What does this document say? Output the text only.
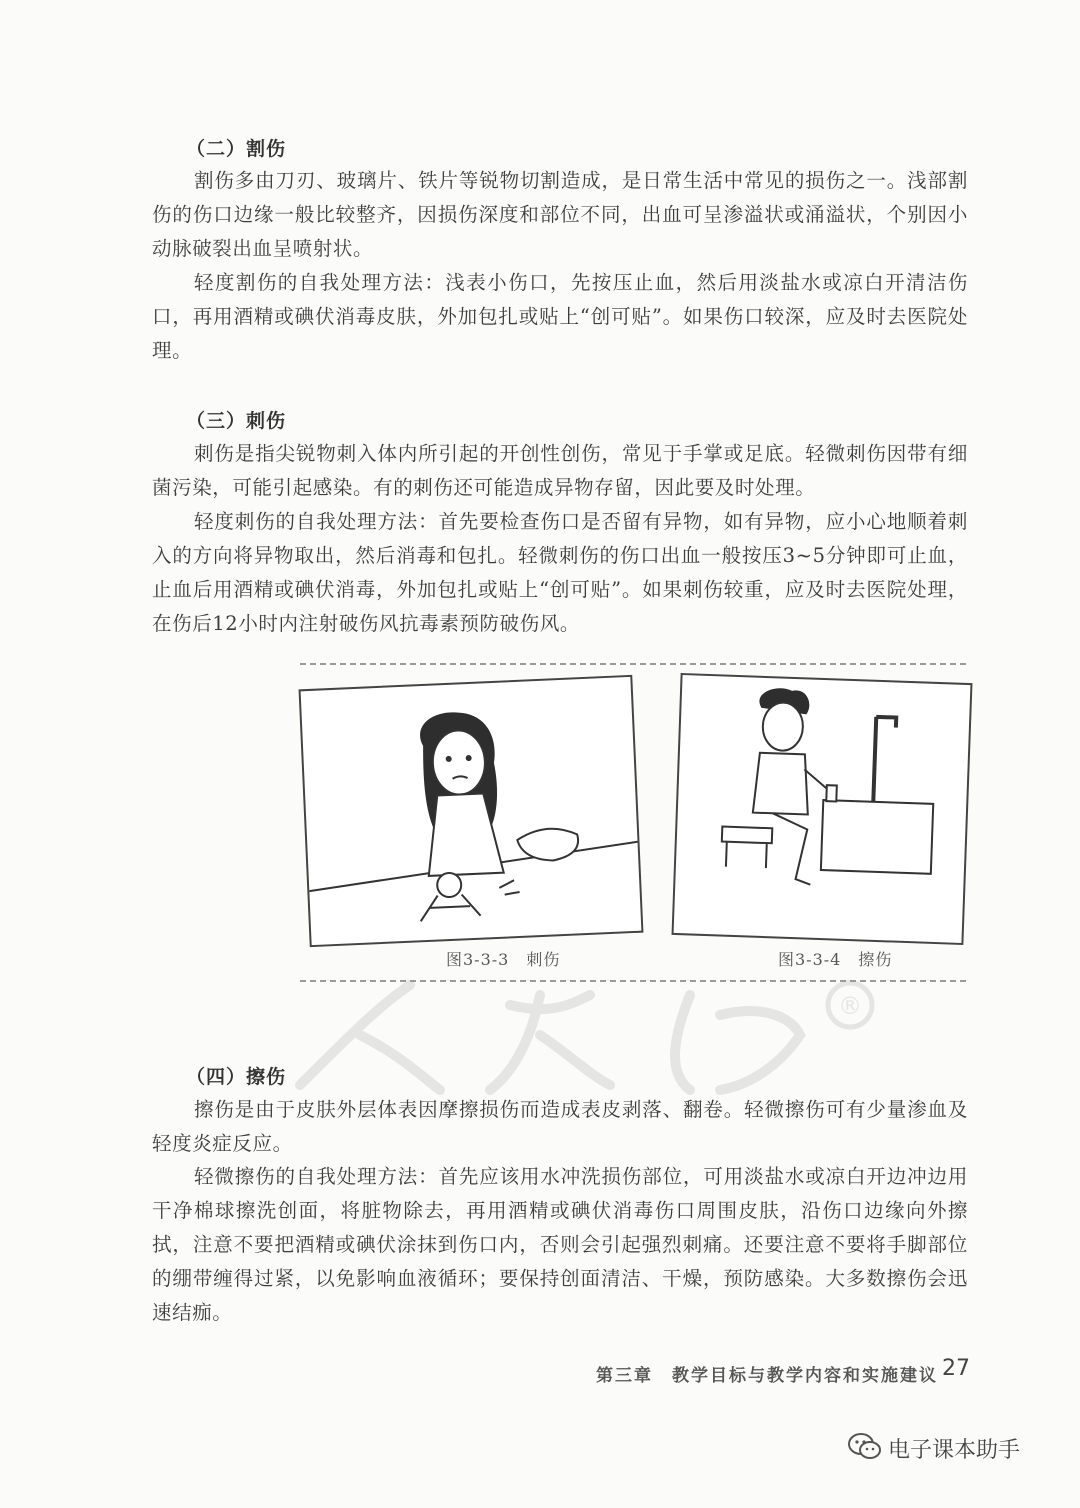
®
（二）割伤

割伤多由刀刃、玻璃片、铁片等锐物切割造成，是日常生活中常见的损伤之一。浅部割伤的伤口边缘一般比较整齐，因损伤深度和部位不同，出血可呈渗溢状或涌溢状，个别因小动脉破裂出血呈喷射状。

轻度割伤的自我处理方法：浅表小伤口，先按压止血，然后用淡盐水或凉白开清洁伤口，再用酒精或碘伏消毒皮肤，外加包扎或贴上“创可贴”。如果伤口较深，应及时去医院处理。

（三）刺伤

刺伤是指尖锐物刺入体内所引起的开创性创伤，常见于手掌或足底。轻微刺伤因带有细菌污染，可能引起感染。有的刺伤还可能造成异物存留，因此要及时处理。

轻度刺伤的自我处理方法：首先要检查伤口是否留有异物，如有异物，应小心地顺着刺入的方向将异物取出，然后消毒和包扎。轻微刺伤的伤口出血一般按压3~5分钟即可止血，止血后用酒精或碘伏消毒，外加包扎或贴上“创可贴”。如果刺伤较重，应及时去医院处理，在伤后12小时内注射破伤风抗毒素预防破伤风。

图3-3-3　刺伤	图3-3-4　擦伤
（四）擦伤

擦伤是由于皮肤外层体表因摩擦损伤而造成表皮剥落、翻卷。轻微擦伤可有少量渗血及轻度炎症反应。

轻微擦伤的自我处理方法：首先应该用水冲洗损伤部位，可用淡盐水或凉白开边冲边用干净棉球擦洗创面，将脏物除去，再用酒精或碘伏消毒伤口周围皮肤，沿伤口边缘向外擦拭，注意不要把酒精或碘伏涂抹到伤口内，否则会引起强烈刺痛。还要注意不要将手脚部位的绷带缠得过紧，以免影响血液循环；要保持创面清洁、干燥，预防感染。大多数擦伤会迅速结痂。

第三章　教学目标与教学内容和实施建议 27
电子课本助手
